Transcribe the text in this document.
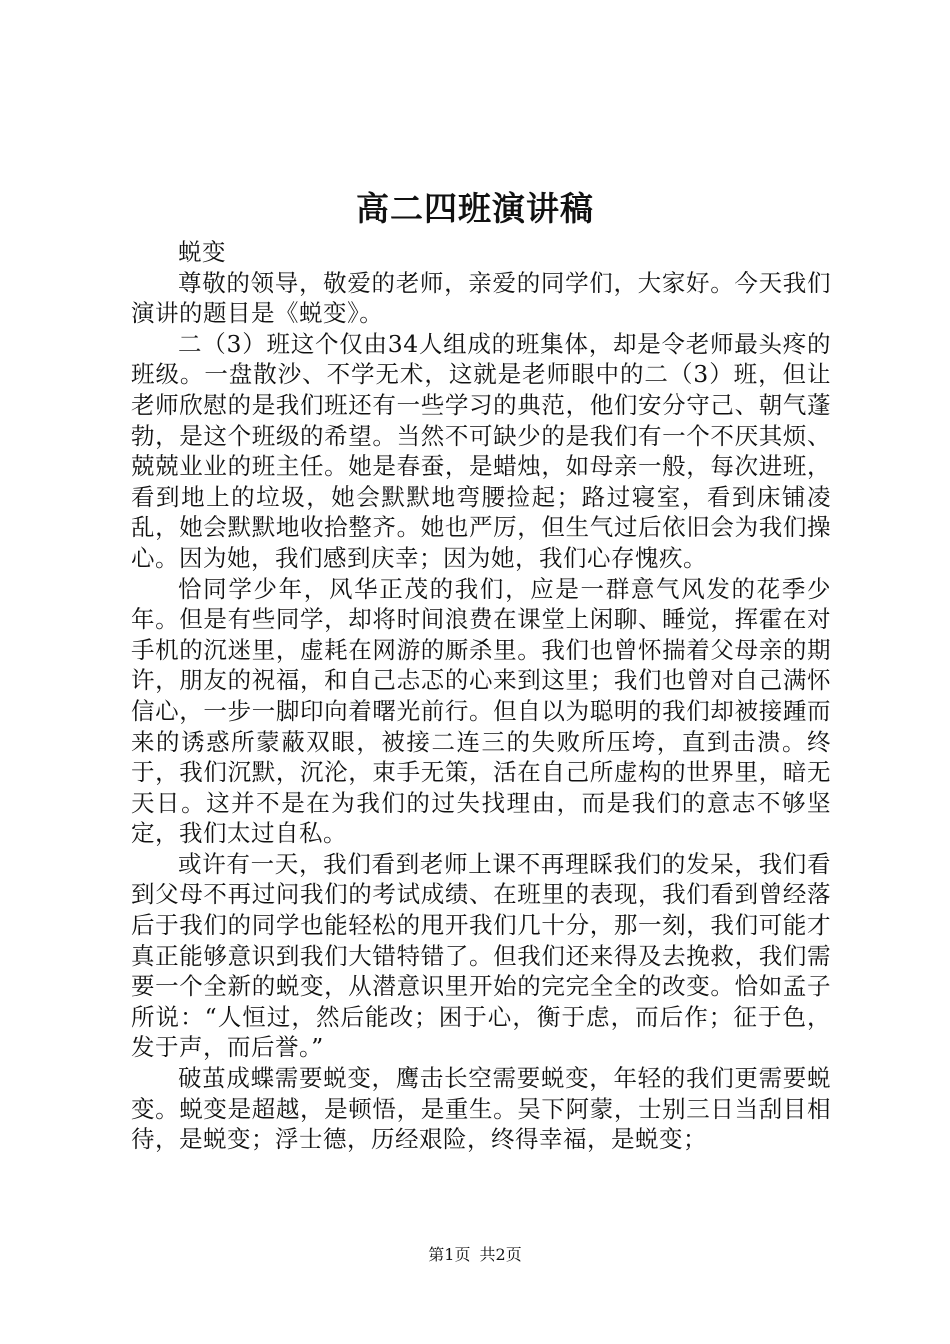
高二四班演讲稿

蜕变

尊敬的领导，敬爱的老师，亲爱的同学们，大家好。今天我们演讲的题目是《蜕变》。

二（3）班这个仅由34人组成的班集体，却是令老师最头疼的班级。一盘散沙、不学无术，这就是老师眼中的二（3）班，但让老师欣慰的是我们班还有一些学习的典范，他们安分守己、朝气蓬勃，是这个班级的希望。当然不可缺少的是我们有一个不厌其烦、兢兢业业的班主任。她是春蚕，是蜡烛，如母亲一般，每次进班，看到地上的垃圾，她会默默地弯腰捡起；路过寝室，看到床铺凌乱，她会默默地收拾整齐。她也严厉，但生气过后依旧会为我们操心。因为她，我们感到庆幸；因为她，我们心存愧疚。

恰同学少年，风华正茂的我们，应是一群意气风发的花季少年。但是有些同学，却将时间浪费在课堂上闲聊、睡觉，挥霍在对手机的沉迷里，虚耗在网游的厮杀里。我们也曾怀揣着父母亲的期许，朋友的祝福，和自己忐忑的心来到这里；我们也曾对自己满怀信心，一步一脚印向着曙光前行。但自以为聪明的我们却被接踵而来的诱惑所蒙蔽双眼，被接二连三的失败所压垮，直到击溃。终于，我们沉默，沉沦，束手无策，活在自己所虚构的世界里，暗无天日。这并不是在为我们的过失找理由，而是我们的意志不够坚定，我们太过自私。

或许有一天，我们看到老师上课不再理睬我们的发呆，我们看到父母不再过问我们的考试成绩、在班里的表现，我们看到曾经落后于我们的同学也能轻松的甩开我们几十分，那一刻，我们可能才真正能够意识到我们大错特错了。但我们还来得及去挽救，我们需要一个全新的蜕变，从潜意识里开始的完完全全的改变。恰如孟子所说：“人恒过，然后能改；困于心，衡于虑，而后作；征于色，发于声，而后誉。”

破茧成蝶需要蜕变，鹰击长空需要蜕变，年轻的我们更需要蜕变。蜕变是超越，是顿悟，是重生。吴下阿蒙，士别三日当刮目相待，是蜕变；浮士德，历经艰险，终得幸福，是蜕变；

第1页 共2页
